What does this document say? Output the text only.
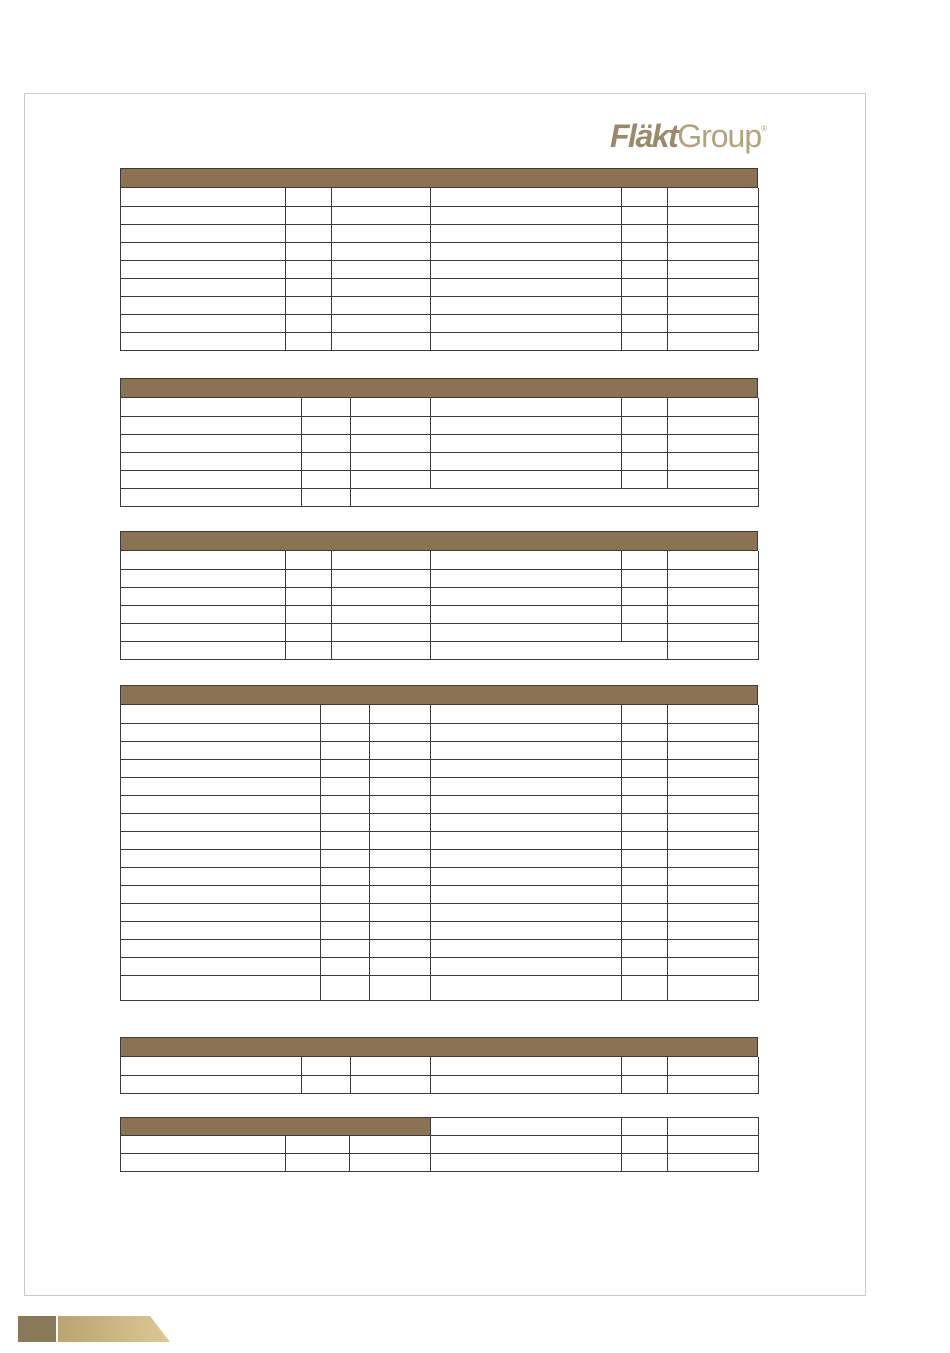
FläktGroup®
